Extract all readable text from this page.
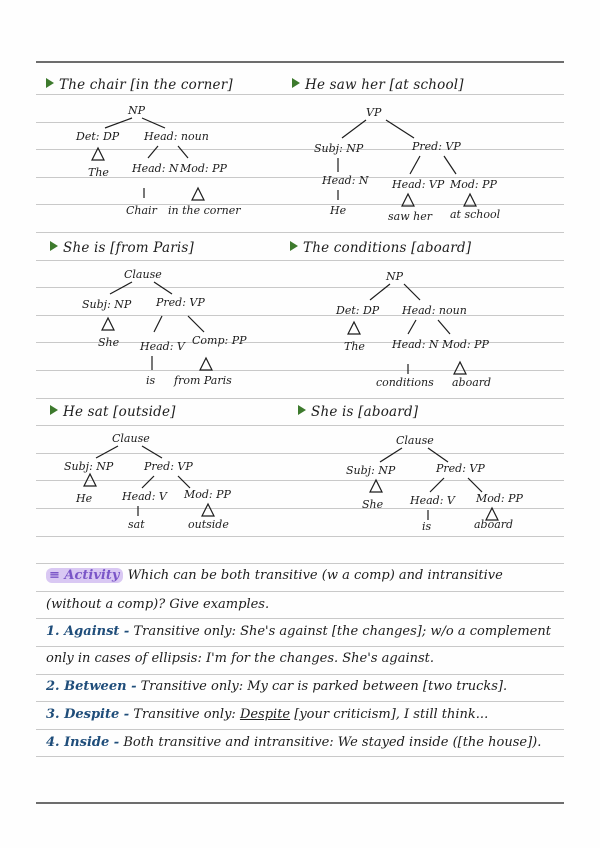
The chair [in the corner]
NP
Det: DP Head: noun
The Head: N Mod: PP
Chair in the corner
He saw her [at school]
VP
Subj: NP	Pred: VP
Head: N Head: VP Mod: PP
He	saw her at school
She is [from Paris]
Clause
Subj: NP Pred: VP
She Head: V Comp: PP
is from Paris
The conditions [aboard]
NP
Det: DP Head: noun
The Head: N Mod: PP
conditions aboard
He sat [outside]
Clause
Subj: NP	Pred: VP
He	Head: V Mod: PP
sat	outside
She is [aboard]
Clause
Subj: NP	Pred: VP
She Head: V Mod: PP
is	aboard
≡ Activity Which can be both transitive (w a comp) and intransitive
(without a comp)? Give examples.
1. Against - Transitive only: She's against [the changes]; w/o a complement
only in cases of ellipsis: I'm for the changes. She's against.
2. Between - Transitive only: My car is parked between [two trucks].
3. Despite - Transitive only: Despite [your criticism], I still think...
4. Inside - Both transitive and intransitive: We stayed inside ([the house]).
